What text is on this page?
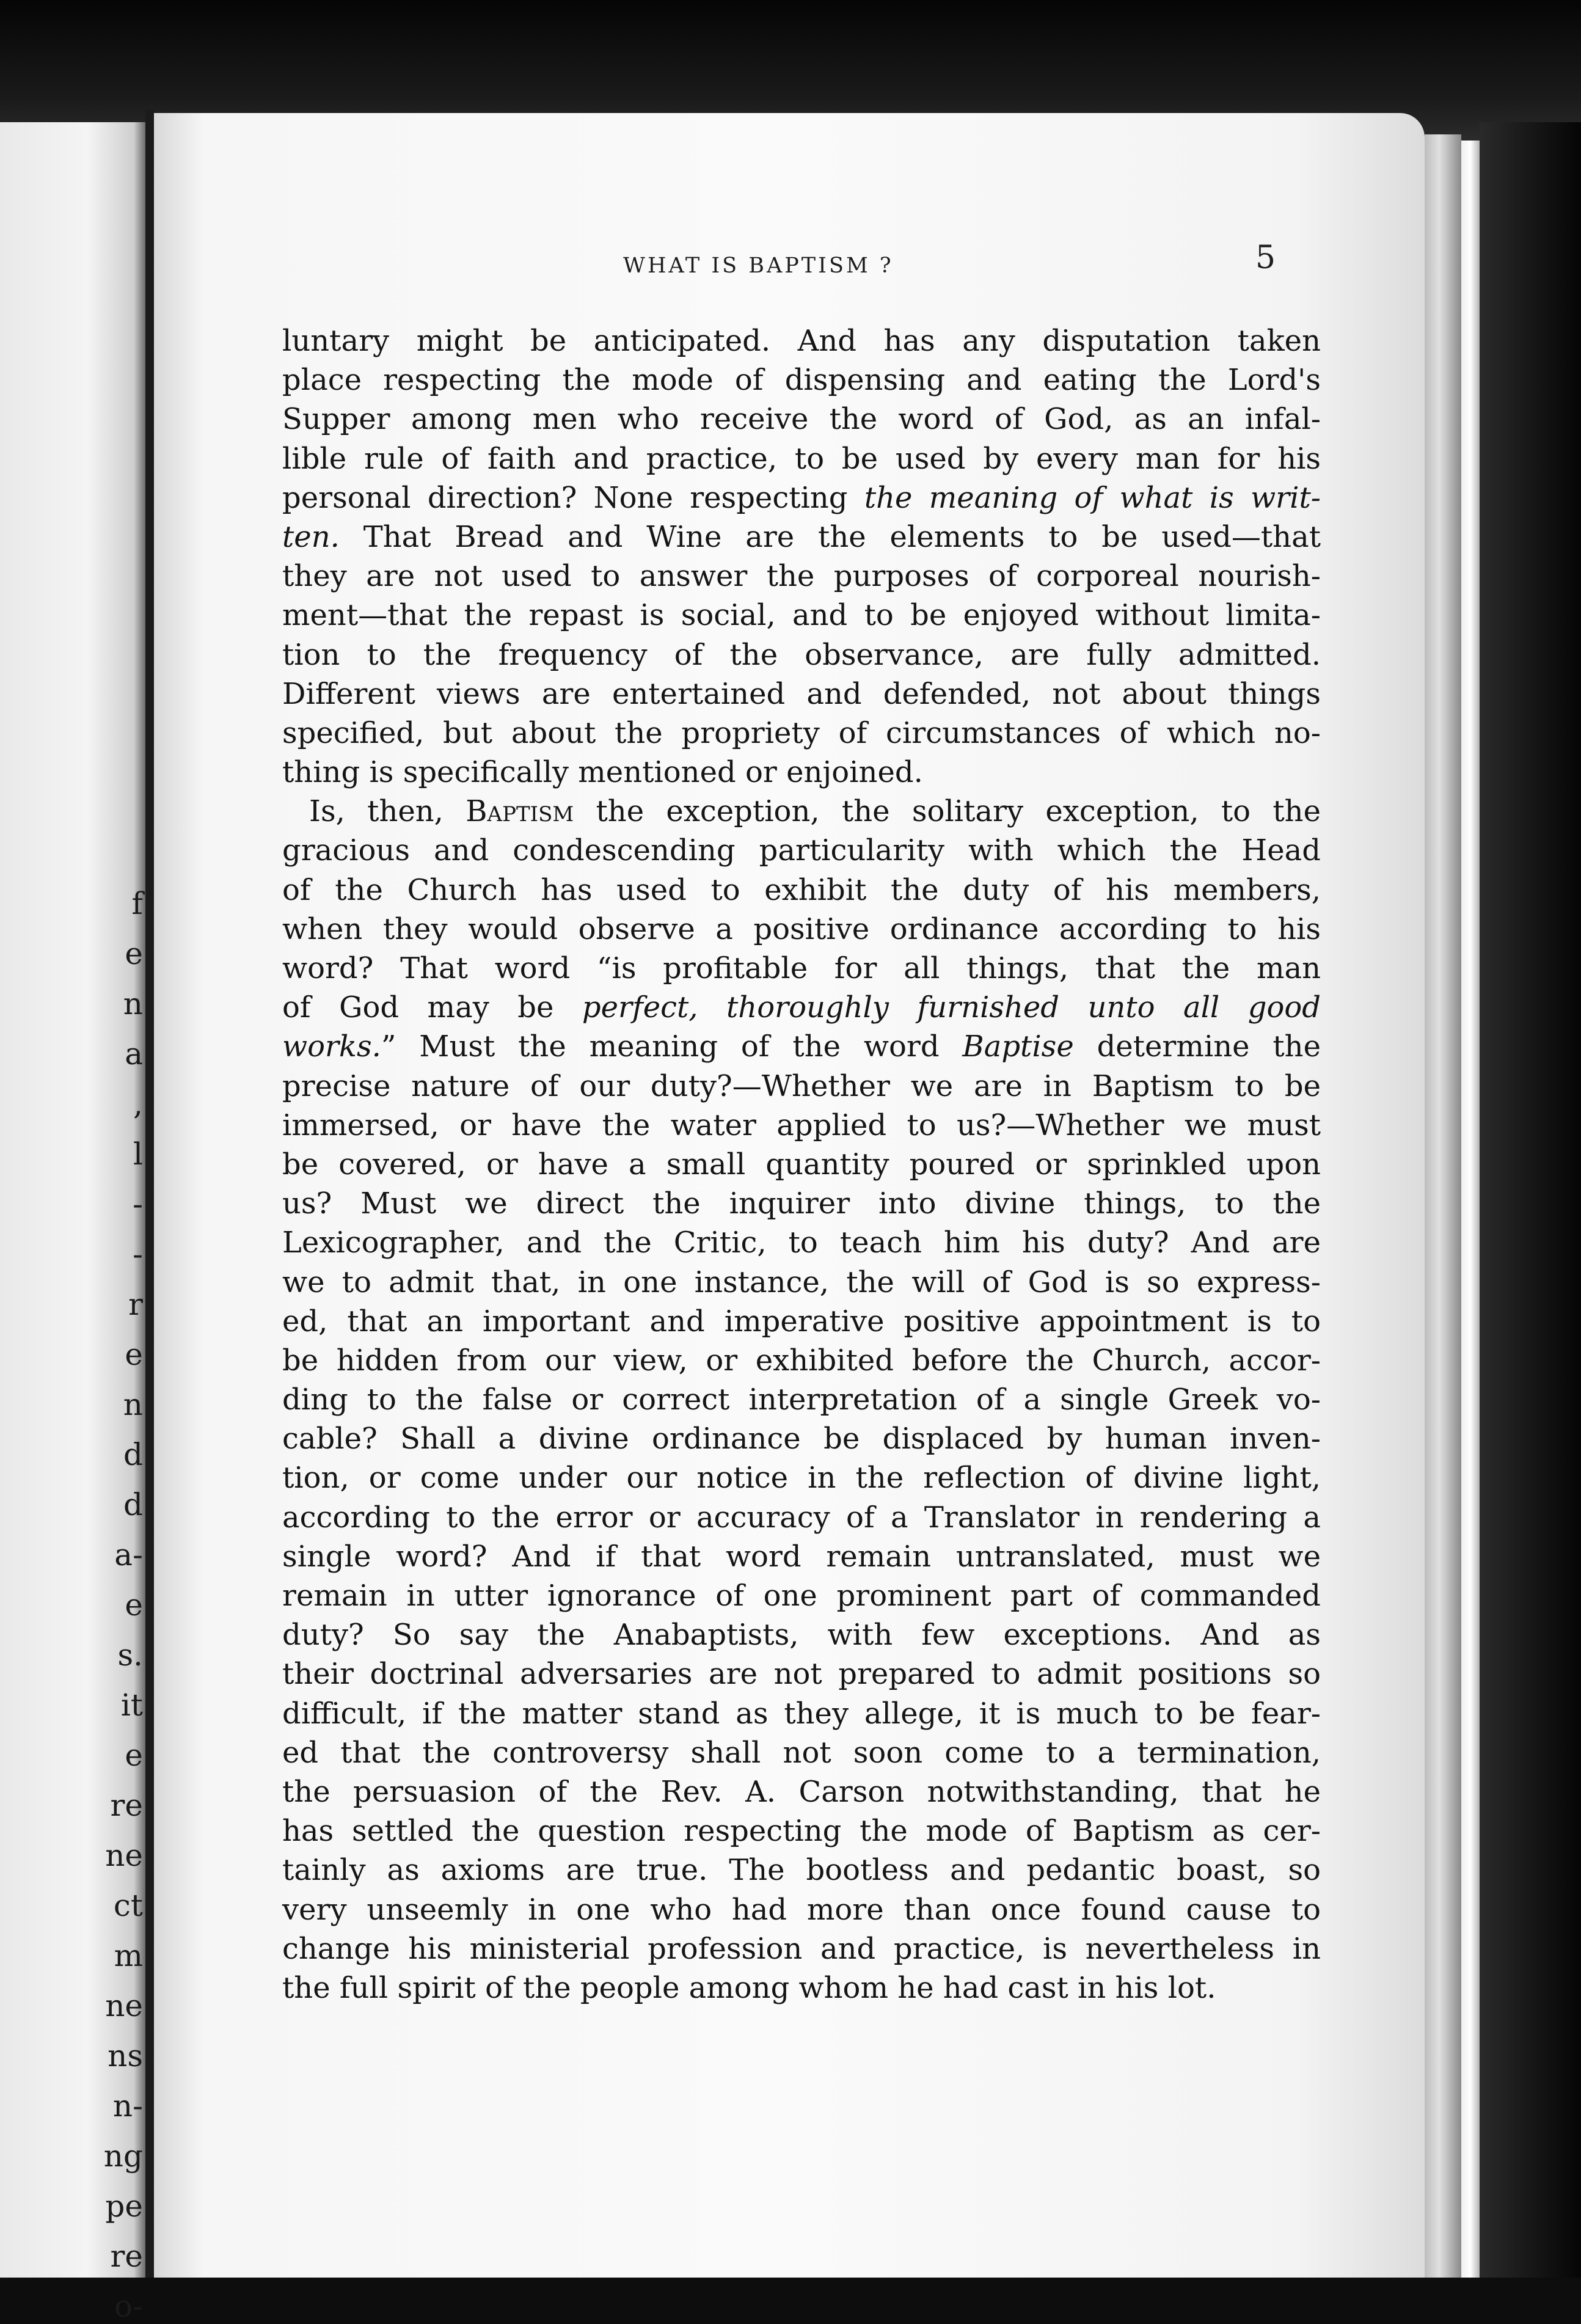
f
e
n
a
,
l
-
-
r
e
n
d
d
a-
e
s.
it
e
re
ne
ct
m
ne
ns
n-
ng
pe
re
o-
WHAT IS BAPTISM ?	5
luntary might be anticipated. And has any disputation taken
place respecting the mode of dispensing and eating the Lord's
Supper among men who receive the word of God, as an infal-
lible rule of faith and practice, to be used by every man for his
personal direction? None respecting the meaning of what is writ-
ten. That Bread and Wine are the elements to be used—that
they are not used to answer the purposes of corporeal nourish-
ment—that the repast is social, and to be enjoyed without limita-
tion to the frequency of the observance, are fully admitted.
Different views are entertained and defended, not about things
specified, but about the propriety of circumstances of which no-
thing is specifically mentioned or enjoined.
Is, then, Baptism the exception, the solitary exception, to the
gracious and condescending particularity with which the Head
of the Church has used to exhibit the duty of his members,
when they would observe a positive ordinance according to his
word? That word “is profitable for all things, that the man
of God may be perfect, thoroughly furnished unto all good
works.” Must the meaning of the word Baptise determine the
precise nature of our duty?—Whether we are in Baptism to be
immersed, or have the water applied to us?—Whether we must
be covered, or have a small quantity poured or sprinkled upon
us? Must we direct the inquirer into divine things, to the
Lexicographer, and the Critic, to teach him his duty? And are
we to admit that, in one instance, the will of God is so express-
ed, that an important and imperative positive appointment is to
be hidden from our view, or exhibited before the Church, accor-
ding to the false or correct interpretation of a single Greek vo-
cable? Shall a divine ordinance be displaced by human inven-
tion, or come under our notice in the reflection of divine light,
according to the error or accuracy of a Translator in rendering a
single word? And if that word remain untranslated, must we
remain in utter ignorance of one prominent part of commanded
duty? So say the Anabaptists, with few exceptions. And as
their doctrinal adversaries are not prepared to admit positions so
difficult, if the matter stand as they allege, it is much to be fear-
ed that the controversy shall not soon come to a termination,
the persuasion of the Rev. A. Carson notwithstanding, that he
has settled the question respecting the mode of Baptism as cer-
tainly as axioms are true. The bootless and pedantic boast, so
very unseemly in one who had more than once found cause to
change his ministerial profession and practice, is nevertheless in
the full spirit of the people among whom he had cast in his lot.
